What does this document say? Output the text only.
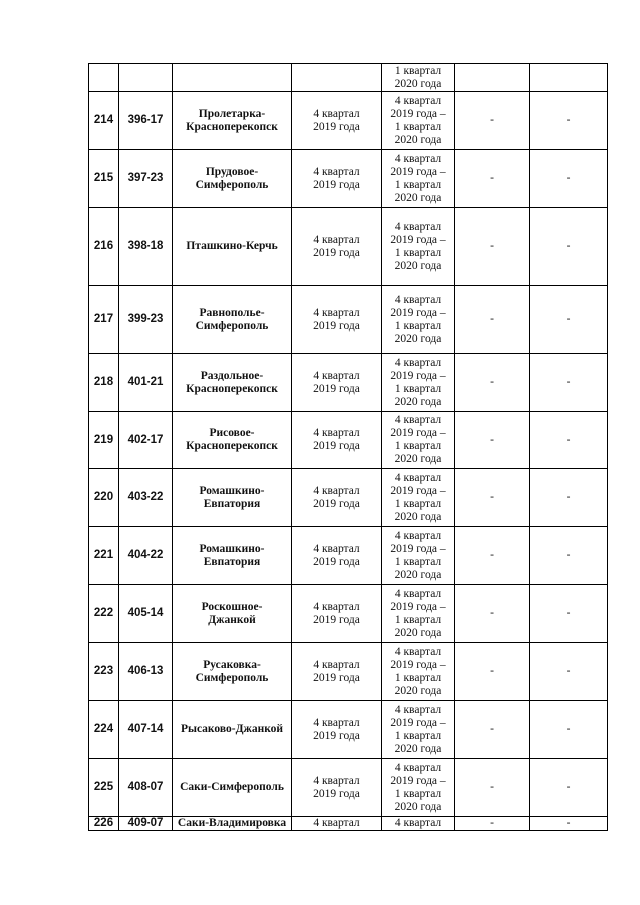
				1 квартал
2020 года		
214	396-17	Пролетарка-
Красноперекопск	4 квартал
2019 года	4 квартал
2019 года –
1 квартал
2020 года	-	-
215	397-23	Прудовое-
Симферополь	4 квартал
2019 года	4 квартал
2019 года –
1 квартал
2020 года	-	-
216	398-18	Пташкино-Керчь	4 квартал
2019 года	4 квартал
2019 года –
1 квартал
2020 года	-	-
217	399-23	Равнополье-
Симферополь	4 квартал
2019 года	4 квартал
2019 года –
1 квартал
2020 года	-	-
218	401-21	Раздольное-
Красноперекопск	4 квартал
2019 года	4 квартал
2019 года –
1 квартал
2020 года	-	-
219	402-17	Рисовое-
Красноперекопск	4 квартал
2019 года	4 квартал
2019 года –
1 квартал
2020 года	-	-
220	403-22	Ромашкино-
Евпатория	4 квартал
2019 года	4 квартал
2019 года –
1 квартал
2020 года	-	-
221	404-22	Ромашкино-
Евпатория	4 квартал
2019 года	4 квартал
2019 года –
1 квартал
2020 года	-	-
222	405-14	Роскошное-
Джанкой	4 квартал
2019 года	4 квартал
2019 года –
1 квартал
2020 года	-	-
223	406-13	Русаковка-
Симферополь	4 квартал
2019 года	4 квартал
2019 года –
1 квартал
2020 года	-	-
224	407-14	Рысаково-Джанкой	4 квартал
2019 года	4 квартал
2019 года –
1 квартал
2020 года	-	-
225	408-07	Саки-Симферополь	4 квартал
2019 года	4 квартал
2019 года –
1 квартал
2020 года	-	-
226	409-07	Саки-Владимировка	4 квартал	4 квартал	-	-
